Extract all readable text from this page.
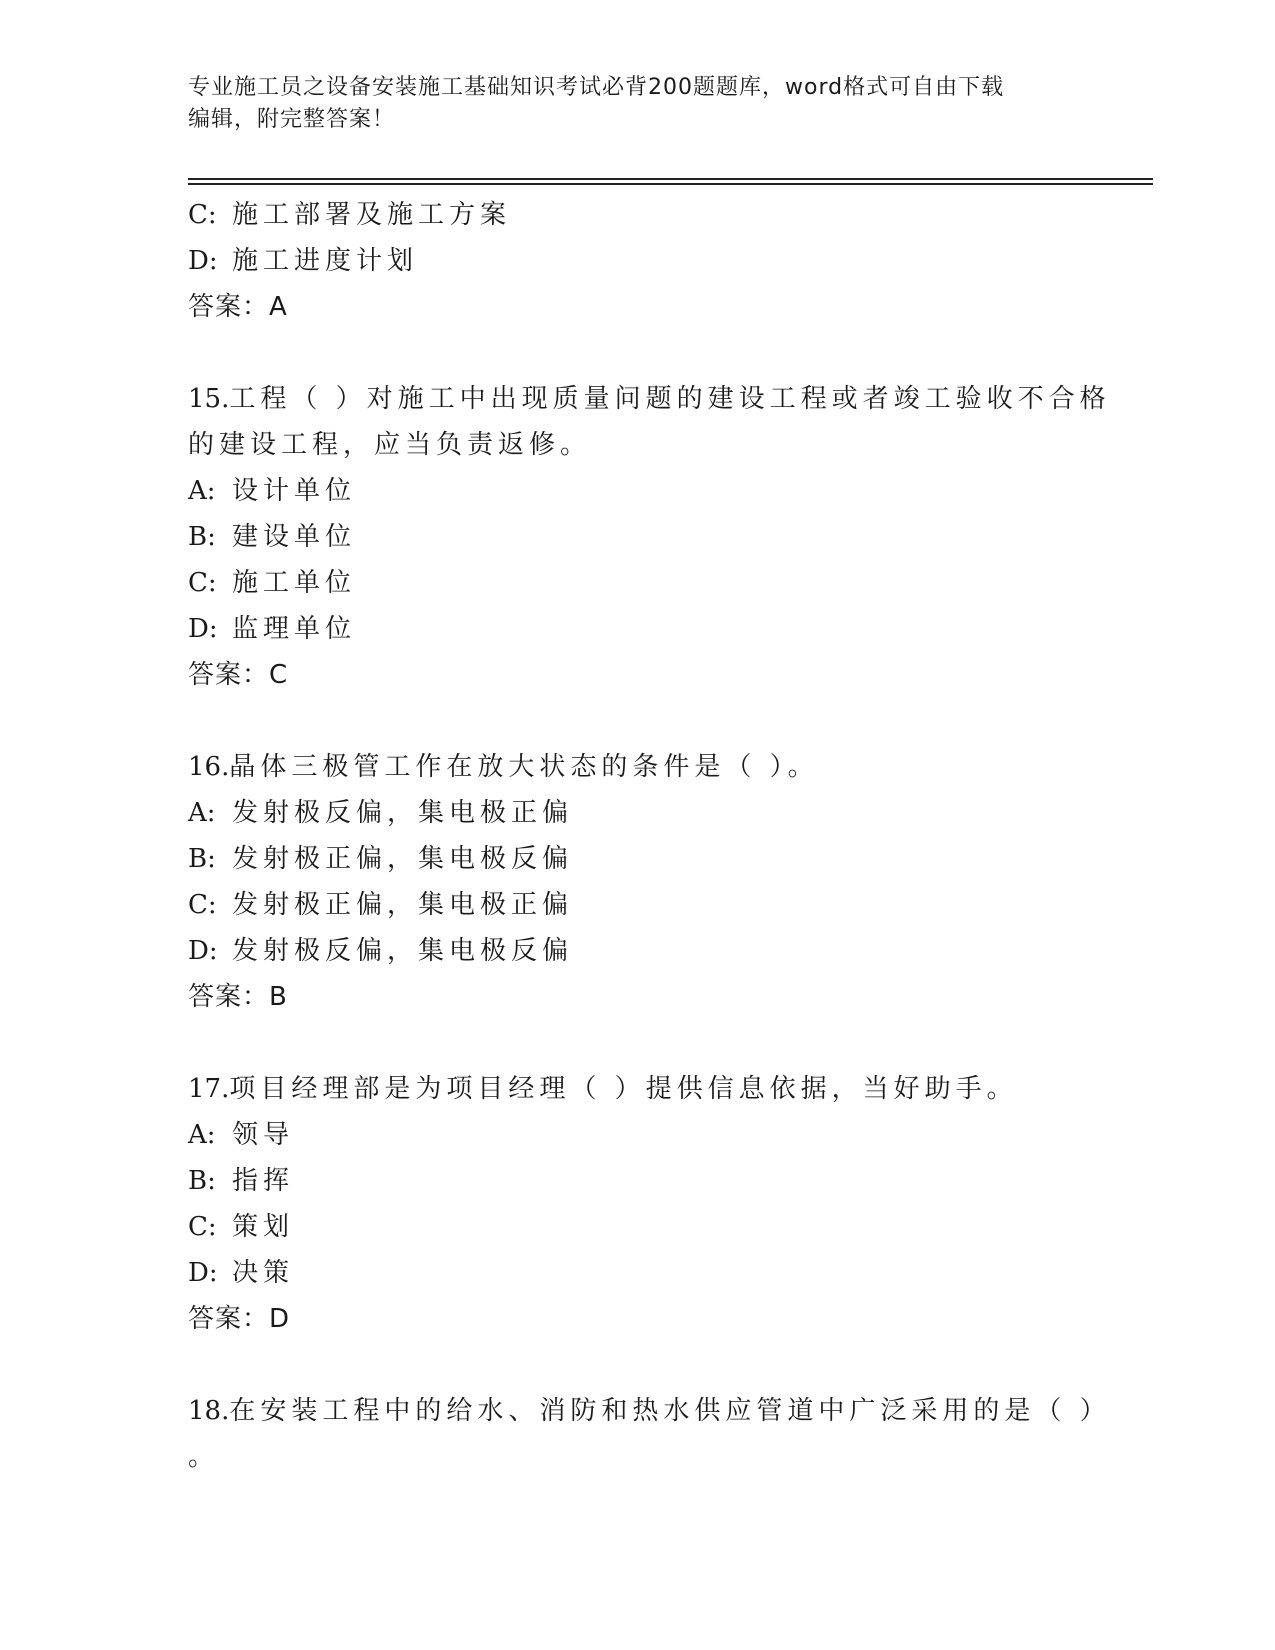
专业施工员之设备安装施工基础知识考试必背200题题库，word格式可自由下载
编辑，附完整答案！
C: 施工部署及施工方案
D: 施工进度计划
答案：A
15.工程（ ）对施工中出现质量问题的建设工程或者竣工验收不合格
的建设工程，应当负责返修。
A: 设计单位
B: 建设单位
C: 施工单位
D: 监理单位
答案：C
16.晶体三极管工作在放大状态的条件是（ ）。
A: 发射极反偏，集电极正偏
B: 发射极正偏，集电极反偏
C: 发射极正偏，集电极正偏
D: 发射极反偏，集电极反偏
答案：B
17.项目经理部是为项目经理（ ）提供信息依据，当好助手。
A: 领导
B: 指挥
C: 策划
D: 决策
答案：D
18.在安装工程中的给水、消防和热水供应管道中广泛采用的是（ ）
。
